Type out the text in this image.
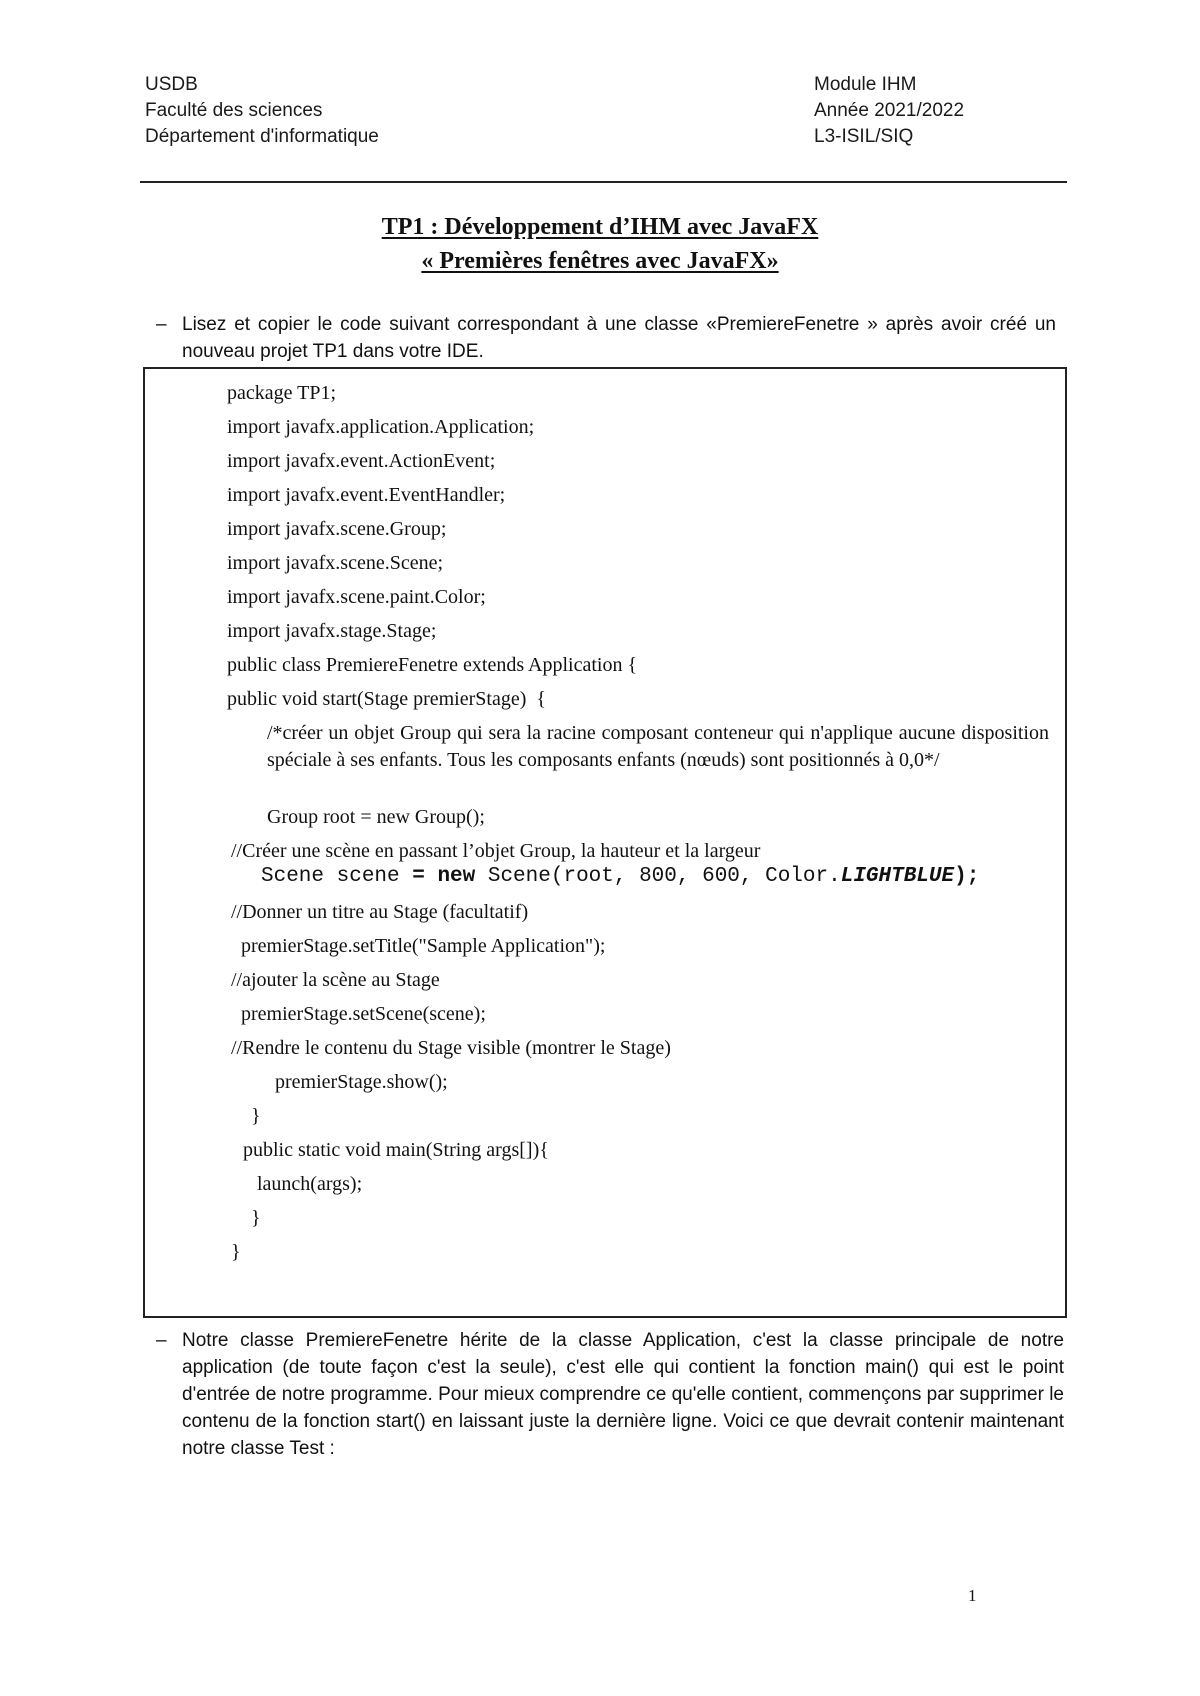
USDB
Faculté des sciences
Département d'informatique
Module IHM
Année 2021/2022
L3-ISIL/SIQ
TP1 : Développement d’IHM avec JavaFX
« Premières fenêtres avec JavaFX»
– Lisez et copier le code suivant correspondant à une classe «PremiereFenetre » après avoir créé un nouveau projet TP1 dans votre IDE.
package TP1;
import javafx.application.Application;
import javafx.event.ActionEvent;
import javafx.event.EventHandler;
import javafx.scene.Group;
import javafx.scene.Scene;
import javafx.scene.paint.Color;
import javafx.stage.Stage;
public class PremiereFenetre extends Application {
public void start(Stage premierStage)  {
/*créer un objet Group qui sera la racine composant conteneur qui n'applique aucune disposition spéciale à ses enfants. Tous les composants enfants (nœuds) sont positionnés à 0,0*/
Group root = new Group();
//Créer une scène en passant l’objet Group, la hauteur et la largeur
Scene scene = new Scene(root, 800, 600, Color.LIGHTBLUE);
//Donner un titre au Stage (facultatif)
premierStage.setTitle("Sample Application");
//ajouter la scène au Stage
premierStage.setScene(scene);
//Rendre le contenu du Stage visible (montrer le Stage)
premierStage.show();
}
public static void main(String args[]){
launch(args);
}
}
– Notre classe PremiereFenetre hérite de la classe Application, c'est la classe principale de notre application (de toute façon c'est la seule), c'est elle qui contient la fonction main() qui est le point d'entrée de notre programme. Pour mieux comprendre ce qu'elle contient, commençons par supprimer le contenu de la fonction start() en laissant juste la dernière ligne. Voici ce que devrait contenir maintenant notre classe Test :
1
